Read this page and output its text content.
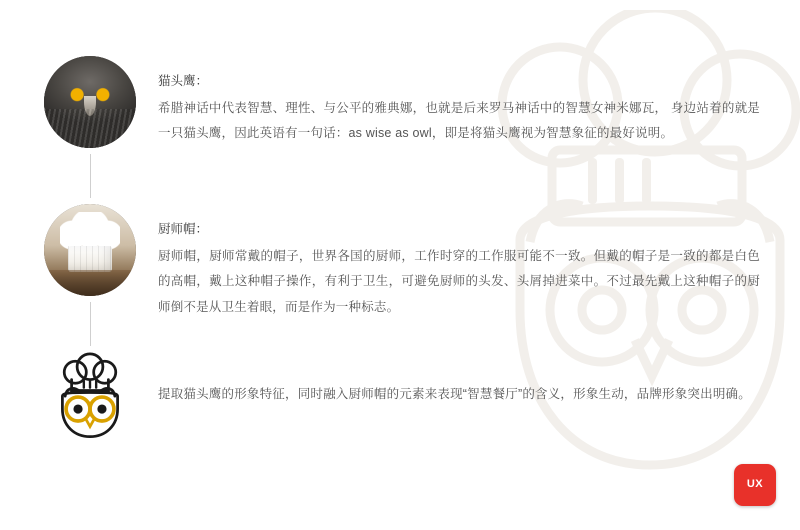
猫头鹰：

希腊神话中代表智慧、理性、与公平的雅典娜，也就是后来罗马神话中的智慧女神米娜瓦， 身边站着的就是一只猫头鹰，因此英语有一句话：as wise as owl，即是将猫头鹰视为智慧象征的最好说明。

厨师帽：

厨师帽，厨师常戴的帽子，世界各国的厨师，工作时穿的工作服可能不一致。但戴的帽子是一致的都是白色的高帽，戴上这种帽子操作，有利于卫生，可避免厨师的头发、头屑掉进菜中。不过最先戴上这种帽子的厨师倒不是从卫生着眼，而是作为一种标志。

提取猫头鹰的形象特征，同时融入厨师帽的元素来表现“智慧餐厅”的含义，形象生动，品牌形象突出明确。

UX
